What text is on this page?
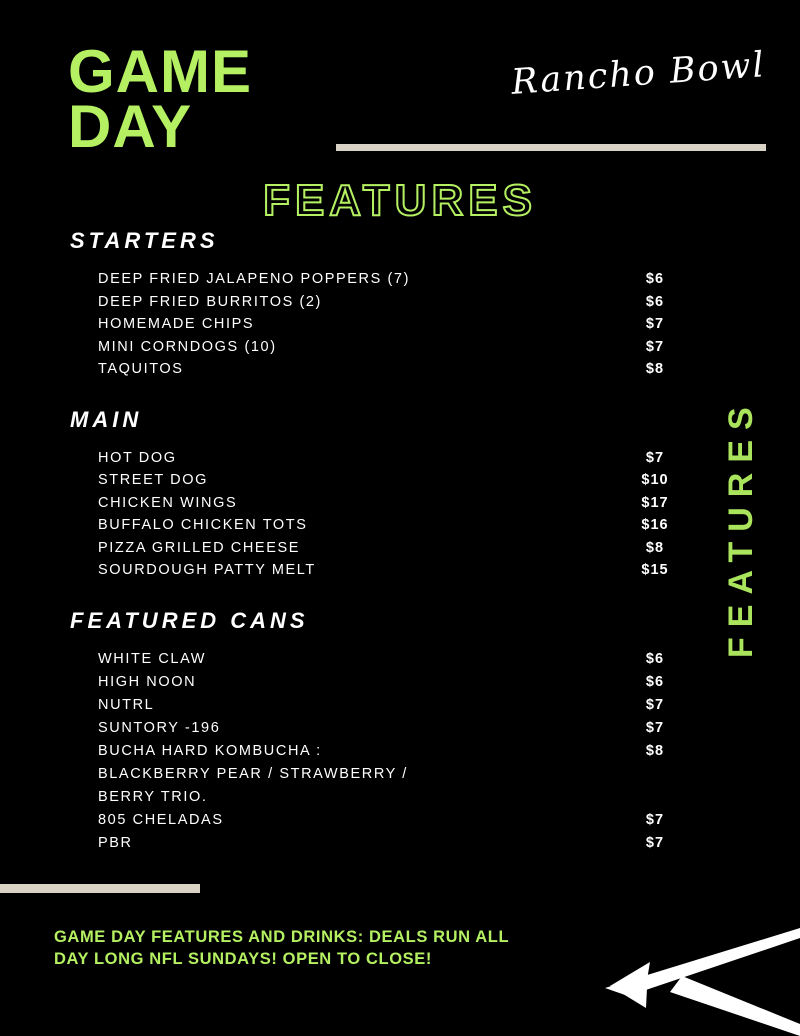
GAME
DAY
Rancho Bowl
FEATURES
FEATURES
STARTERS
DEEP FRIED JALAPENO POPPERS (7)	$6
DEEP FRIED BURRITOS (2)	$6
HOMEMADE CHIPS	$7
MINI CORNDOGS (10)	$7
TAQUITOS	$8
MAIN
HOT DOG	$7
STREET DOG	$10
CHICKEN WINGS	$17
BUFFALO CHICKEN TOTS	$16
PIZZA GRILLED CHEESE	$8
SOURDOUGH PATTY MELT	$15
FEATURED CANS
WHITE CLAW	$6
HIGH NOON	$6
NUTRL	$7
SUNTORY -196	$7
BUCHA HARD KOMBUCHA :	$8
BLACKBERRY PEAR / STRAWBERRY /
BERRY TRIO.
805 CHELADAS	$7
PBR	$7
GAME DAY FEATURES AND DRINKS: DEALS RUN ALL DAY LONG NFL SUNDAYS! OPEN TO CLOSE!
